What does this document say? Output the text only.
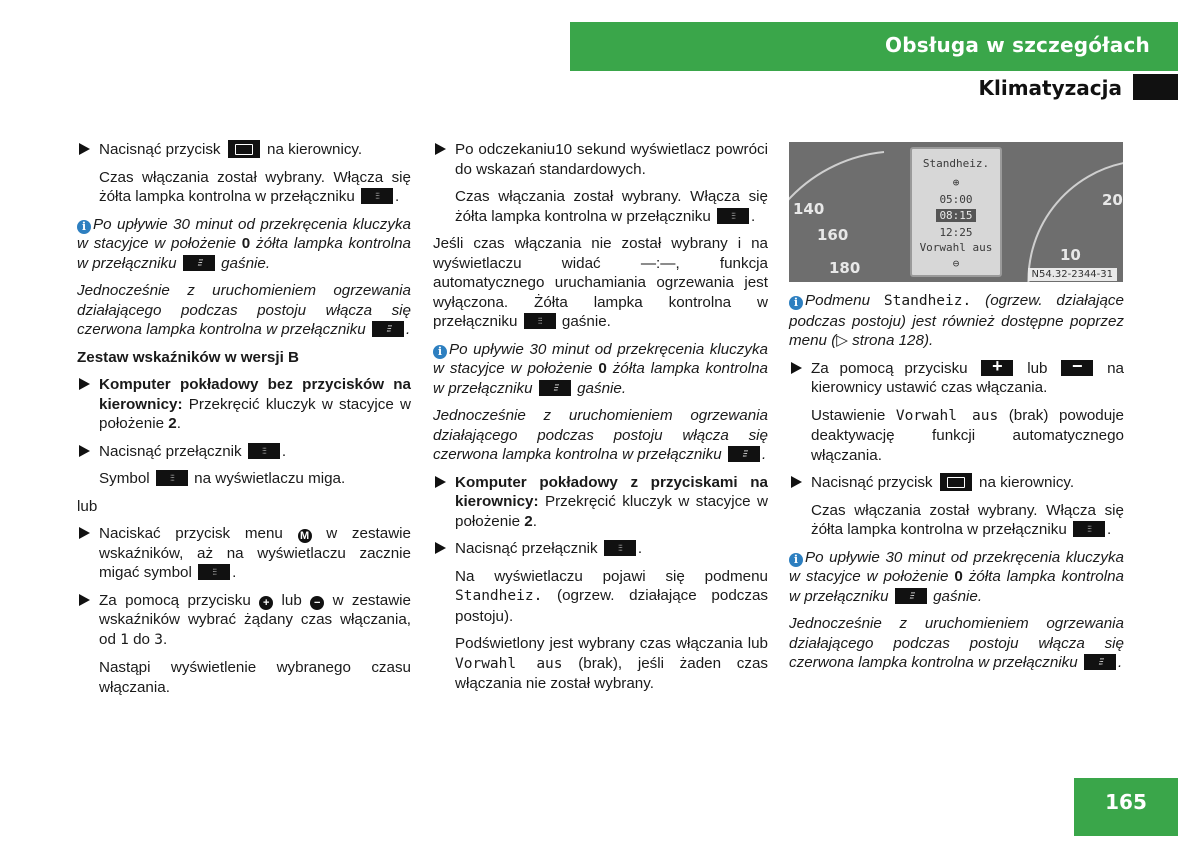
Obsługa w szczegółach
Klimatyzacja
Nacisnąć przycisk	na kierownicy.

Czas włączania został wybrany. Włącza się żółta lampka kontrolna w przełączniku ⫶⫶⫶	.

i Po upływie 30 minut od przekręcenia kluczyka w stacyjce w położenie 0 żółta lampka kontrolna w przełączniku ⫶⫶⫶	gaśnie.

Jednocześnie z uruchomieniem ogrzewania działającego podczas postoju włącza się czerwona lampka kontrolna w przełączniku ⫶⫶⫶	.

Zestaw wskaźników w wersji B

Komputer pokładowy bez przycisków na kierownicy: Przekręcić kluczyk w stacyjce w położenie 2.
Nacisnąć przełącznik ⫶⫶⫶	.

Symbol ⫶⫶⫶	na wyświetlaczu miga.

lub

Naciskać przycisk menu M w zestawie wskaźników, aż na wyświetlaczu zacznie migać symbol ⫶⫶⫶	.
Za pomocą przycisku + lub − w zestawie wskaźników wybrać żądany czas włączania, od 1 do 3.

Nastąpi wyświetlenie wybranego czasu włączania.

Po odczekaniu10 sekund wyświetlacz powróci do wskazań standardowych.

Czas włączania został wybrany. Włącza się żółta lampka kontrolna w przełączniku ⫶⫶⫶	.

Jeśli czas włączania nie został wybrany i na wyświetlaczu widać	—:—, funkcja automatycznego uruchamiania ogrzewania jest wyłączona. Żółta lampka kontrolna w przełączniku ⫶⫶⫶	gaśnie.

i Po upływie 30 minut od przekręcenia kluczyka w stacyjce w położenie 0 żółta lampka kontrolna w przełączniku ⫶⫶⫶	gaśnie.

Jednocześnie z uruchomieniem ogrzewania działającego podczas postoju włącza się czerwona lampka kontrolna w przełączniku ⫶⫶⫶	.

Komputer pokładowy z przyciskami na kierownicy: Przekręcić kluczyk w stacyjce w położenie 2.
Nacisnąć przełącznik ⫶⫶⫶	.

Na wyświetlaczu pojawi się podmenu Standheiz. (ogrzew. działające podczas postoju).

Podświetlony jest wybrany czas włączania lub Vorwahl aus (brak), jeśli żaden czas włączania nie został wybrany.

140
160
180
20
10
Standheiz.
⊕
05:00
08:15
12:25
Vorwahl aus
⊖
N54.32-2344-31

i Podmenu Standheiz. (ogrzew. działające podczas postoju) jest również dostępne poprzez menu (▷ strona 128).

Za pomocą przycisku +	lub −	na kierownicy ustawić czas włączania.

Ustawienie Vorwahl aus (brak) powoduje deaktywację funkcji automatycznego włączania.

Nacisnąć przycisk	na kierownicy.

Czas włączania został wybrany. Włącza się żółta lampka kontrolna w przełączniku ⫶⫶⫶	.

i Po upływie 30 minut od przekręcenia kluczyka w stacyjce w położenie 0 żółta lampka kontrolna w przełączniku ⫶⫶⫶	gaśnie.

Jednocześnie z uruchomieniem ogrzewania działającego podczas postoju włącza się czerwona lampka kontrolna w przełączniku ⫶⫶⫶	.

165
